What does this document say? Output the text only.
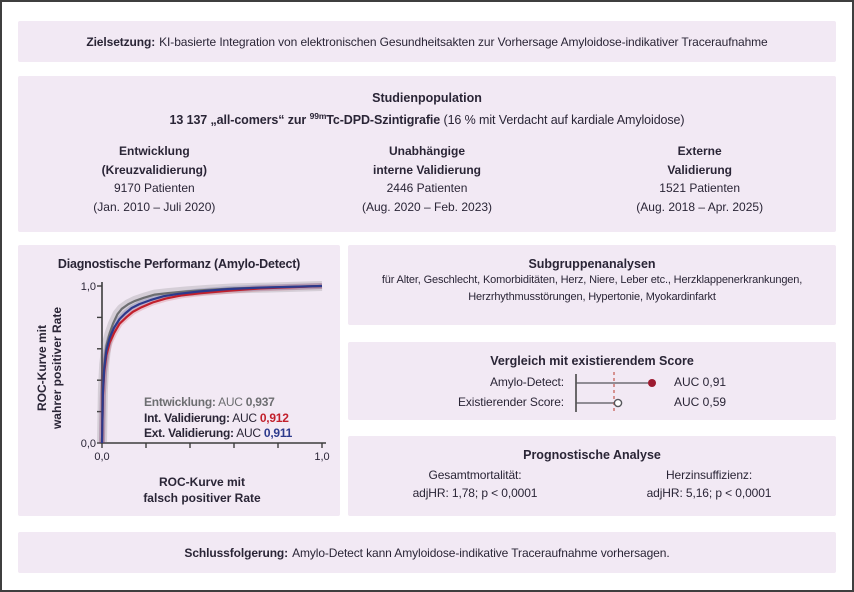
Zielsetzung: KI-basierte Integration von elektronischen Gesundheitsakten zur Vorhersage Amyloidose-indikativer Traceraufnahme
Studienpopulation
13 137 „all-comers“ zur $^{99m}$Tc-DPD-Szintigrafie (16 % mit Verdacht auf kardiale Amyloidose)
Entwicklung
(Kreuzvalidierung)
9170 Patienten
(Jan. 2010 – Juli 2020)
Unabhängige
interne Validierung
2446 Patienten
(Aug. 2020 – Feb. 2023)
Externe
Validierung
1521 Patienten
(Aug. 2018 – Apr. 2025)
Diagnostische Performanz (Amylo-Detect)
ROC-Kurve mit wahrer positiver Rate
0,0
1,0
0,0	1,0
Entwicklung: AUC 0,937
Int. Validierung: AUC 0,912
Ext. Validierung: AUC 0,911
ROC-Kurve mit
falsch positiver Rate
Subgruppenanalysen
für Alter, Geschlecht, Komorbiditäten, Herz, Niere, Leber etc., Herzklappenerkrankungen,
Herzrhythmusstörungen, Hypertonie, Myokardinfarkt
Vergleich mit existierendem Score
Amylo-Detect:
Existierender Score:
AUC 0,91
AUC 0,59
Prognostische Analyse
Gesamtmortalität:
adjHR: 1,78; p < 0,0001
Herzinsuffizienz:
adjHR: 5,16; p < 0,0001
Schlussfolgerung: Amylo-Detect kann Amyloidose-indikative Traceraufnahme vorhersagen.
